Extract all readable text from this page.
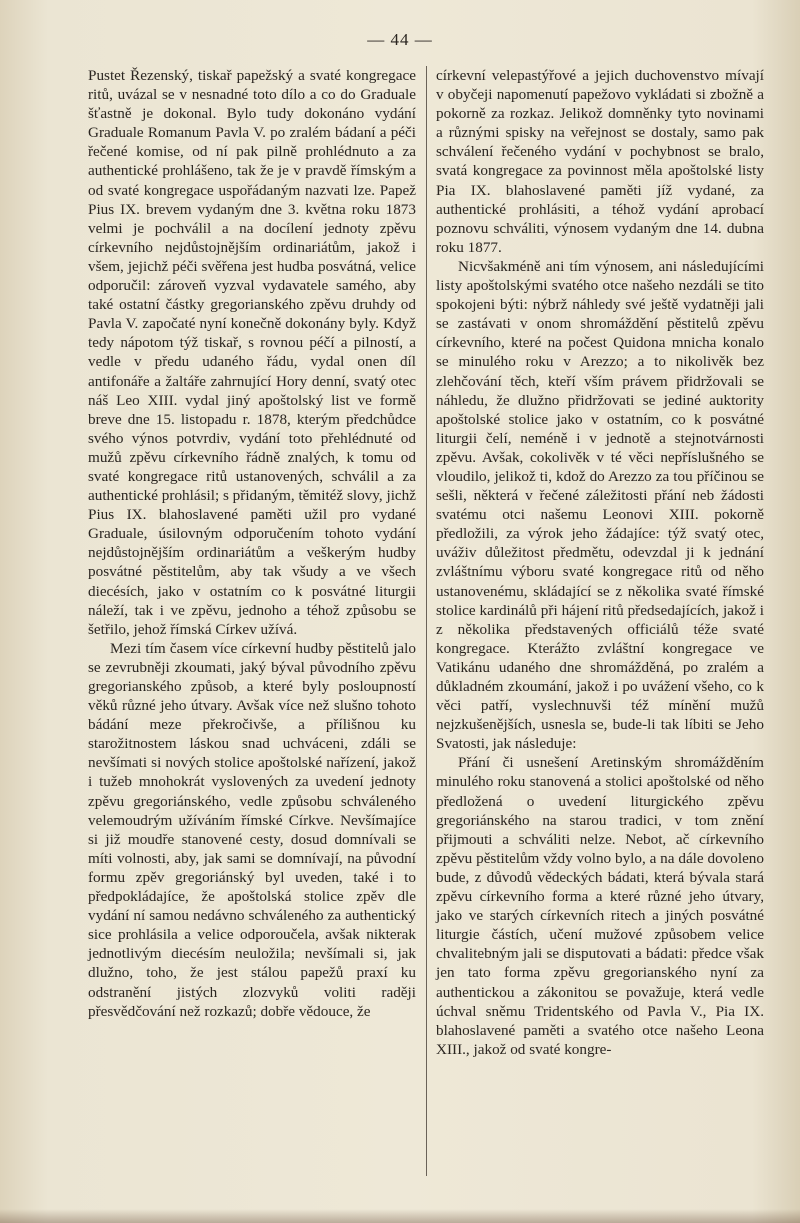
— 44 —

Pustet Řezenský, tiskař papežský a svaté kongregace ritů, uvázal se v nesnadné toto dílo a co do Graduale šťastně je dokonal. Bylo tudy dokonáno vydání Graduale Romanum Pavla V. po zralém bádaní a péči řečené komise, od ní pak pilně prohlédnuto a za authentické prohlášeno, tak že je v pravdě římským a od svaté kongregace uspořádaným nazvati lze. Papež Pius IX. brevem vydaným dne 3. května roku 1873 velmi je pochválil a na docílení jednoty zpěvu církevního nejdůstojnějším ordinariátům, jakož i všem, jejichž péči svěřena jest hudba posvátná, velice odporučil: zároveň vyzval vydavatele samého, aby také ostatní částky gregorianského zpěvu druhdy od Pavla V. započaté nyní konečně dokonány byly. Když tedy nápotom týž tiskař, s rovnou péčí a pilností, a vedle v předu udaného řádu, vydal onen díl antifonáře a žaltáře zahrnující Hory denní, svatý otec náš Leo XIII. vydal jiný apoštolský list ve formě breve dne 15. listopadu r. 1878, kterým předchůdce svého výnos potvrdiv, vydání toto přehlédnuté od mužů zpěvu církevního řádně znalých, k tomu od svaté kongregace ritů ustanovených, schválil a za authentické prohlásil; s přidaným, těmitéž slovy, jichž Pius IX. blahoslavené paměti užil pro vydané Graduale, úsilovným odporučením tohoto vydání nejdůstojnějším ordinariátům a veškerým hudby posvátné pěstitelům, aby tak všudy a ve všech diecésích, jako v ostatním co k posvátné liturgii náleží, tak i ve zpěvu, jednoho a téhož způsobu se šetřilo, jehož římská Církev užívá.

Mezi tím časem více církevní hudby pěstitelů jalo se zevrubněji zkoumati, jaký býval původního zpěvu gregorianského způsob, a které byly posloupností věků různé jeho útvary. Avšak více než slušno tohoto bádání meze překročivše, a přílišnou ku starožitnostem láskou snad uchváceni, zdáli se nevšímati si nových stolice apoštolské nařízení, jakož i tužeb mnohokrát vyslovených za uvedení jednoty zpěvu gregoriánského, vedle způsobu schváleného velemoudrým užíváním římské Církve. Nevšímajíce si již moudře stanovené cesty, dosud domnívali se míti volnosti, aby, jak sami se domnívají, na původní formu zpěv gregoriánský byl uveden, také i to předpokládajíce, že apoštolská stolice zpěv dle vydání ní samou nedávno schváleného za authentický sice prohlásila a velice odporoučela, avšak nikterak jednotlivým diecésím neuložila; nevšímali si, jak dlužno, toho, že jest stálou papežů praxí ku odstranění jistých zlozvyků voliti raději přesvědčování než rozkazů; dobře vědouce, že

církevní velepastýřové a jejich duchovenstvo mívají v obyčeji napomenutí papežovo vykládati si zbožně a pokorně za rozkaz. Jelikož domněnky tyto novinami a různými spisky na veřejnost se dostaly, samo pak schválení řečeného vydání v pochybnost se bralo, svatá kongregace za povinnost měla apoštolské listy Pia IX. blahoslavené paměti jíž vydané, za authentické prohlásiti, a téhož vydání aprobací poznovu schváliti, výnosem vydaným dne 14. dubna roku 1877.

Nicvšakméně ani tím výnosem, ani následujícími listy apoštolskými svatého otce našeho nezdáli se tito spokojeni býti: nýbrž náhledy své ještě vydatněji jali se zastávati v onom shromáždění pěstitelů zpěvu církevního, které na počest Quidona mnicha konalo se minulého roku v Arezzo; a to nikolivěk bez zlehčování těch, kteří vším právem přidržovali se náhledu, že dlužno přidržovati se jediné auktority apoštolské stolice jako v ostatním, co k posvátné liturgii čelí, neméně i v jednotě a stejnotvárnosti zpěvu. Avšak, cokolivěk v té věci nepříslušného se vloudilo, jelikož ti, kdož do Arezzo za tou příčinou se sešli, některá v řečené záležitosti přání neb žádosti svatému otci našemu Leonovi XIII. pokorně předložili, za výrok jeho žádajíce: týž svatý otec, uváživ důležitost předmětu, odevzdal ji k jednání zvláštnímu výboru svaté kongregace ritů od něho ustanovenému, skládající se z několika svaté římské stolice kardinálů při hájení ritů předsedajících, jakož i z několika představených officiálů téže svaté kongregace. Kterážto zvláštní kongregace ve Vatikánu udaného dne shromážděná, po zralém a důkladném zkoumání, jakož i po uvážení všeho, co k věci patří, vyslechnuvši též mínění mužů nejzkušenějších, usnesla se, bude-li tak líbiti se Jeho Svatosti, jak následuje:

Přání či usnešení Aretinským shromážděním minulého roku stanovená a stolici apoštolské od něho předložená o uvedení liturgického zpěvu gregoriánského na starou tradici, v tom znění přijmouti a schváliti nelze. Nebot, ač církevního zpěvu pěstitelům vždy volno bylo, a na dále dovoleno bude, z důvodů vědeckých bádati, která bývala stará zpěvu církevního forma a které různé jeho útvary, jako ve starých církevních ritech a jiných posvátné liturgie částích, učení mužové způsobem velice chvalitebným jali se disputovati a bádati: předce však jen tato forma zpěvu gregorianského nyní za authentickou a zákonitou se považuje, která vedle úchval sněmu Tridentského od Pavla V., Pia IX. blahoslavené paměti a svatého otce našeho Leona XIII., jakož od svaté kongre-
